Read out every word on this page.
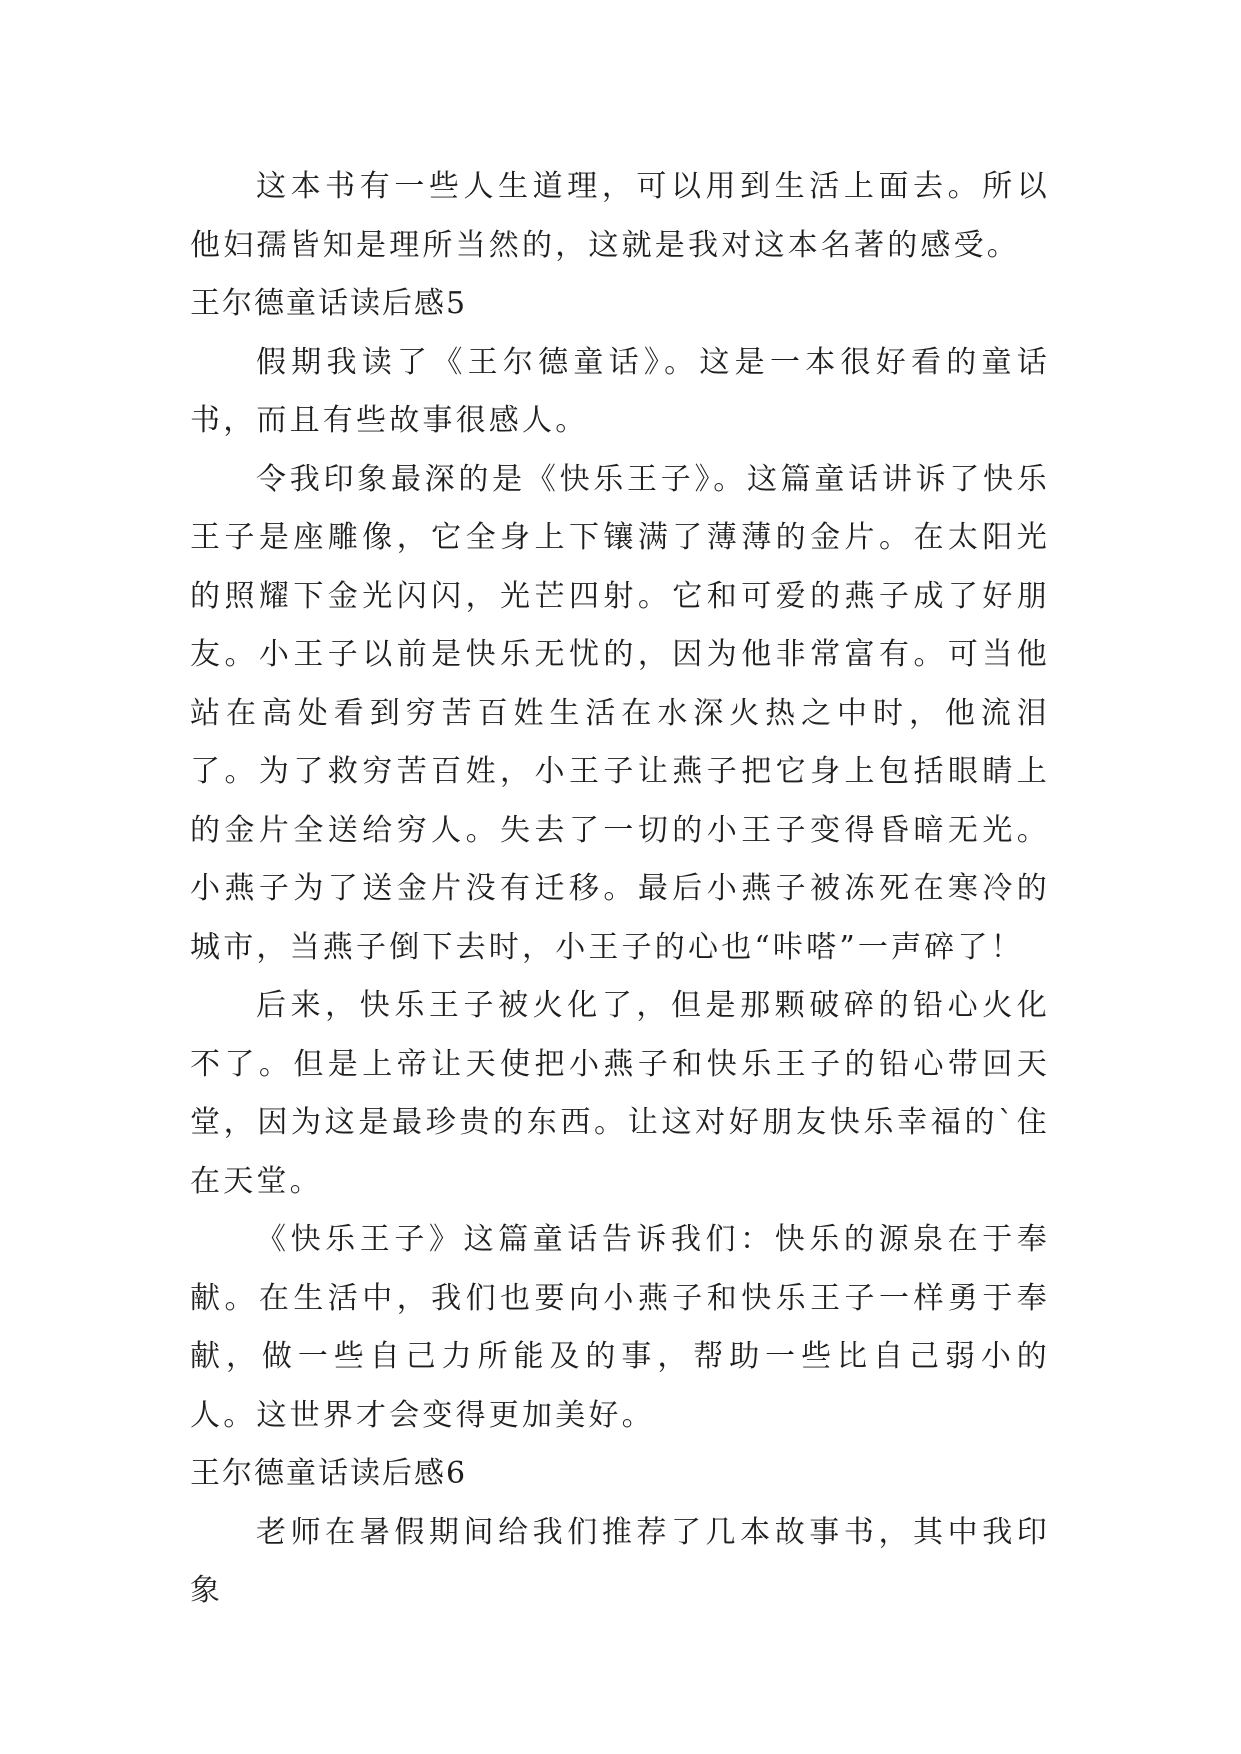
这本书有一些人生道理，可以用到生活上面去。所以他妇孺皆知是理所当然的，这就是我对这本名著的感受。

王尔德童话读后感5

假期我读了《王尔德童话》。这是一本很好看的童话书，而且有些故事很感人。

令我印象最深的是《快乐王子》。这篇童话讲诉了快乐王子是座雕像，它全身上下镶满了薄薄的金片。在太阳光的照耀下金光闪闪，光芒四射。它和可爱的燕子成了好朋友。小王子以前是快乐无忧的，因为他非常富有。可当他站在高处看到穷苦百姓生活在水深火热之中时，他流泪了。为了救穷苦百姓，小王子让燕子把它身上包括眼睛上的金片全送给穷人。失去了一切的小王子变得昏暗无光。小燕子为了送金片没有迁移。最后小燕子被冻死在寒冷的城市，当燕子倒下去时，小王子的心也“咔嗒”一声碎了！

后来，快乐王子被火化了，但是那颗破碎的铅心火化不了。但是上帝让天使把小燕子和快乐王子的铅心带回天堂，因为这是最珍贵的东西。让这对好朋友快乐幸福的`住在天堂。

《快乐王子》这篇童话告诉我们：快乐的源泉在于奉献。在生活中，我们也要向小燕子和快乐王子一样勇于奉献，做一些自己力所能及的事，帮助一些比自己弱小的人。这世界才会变得更加美好。

王尔德童话读后感6

老师在暑假期间给我们推荐了几本故事书，其中我印象
